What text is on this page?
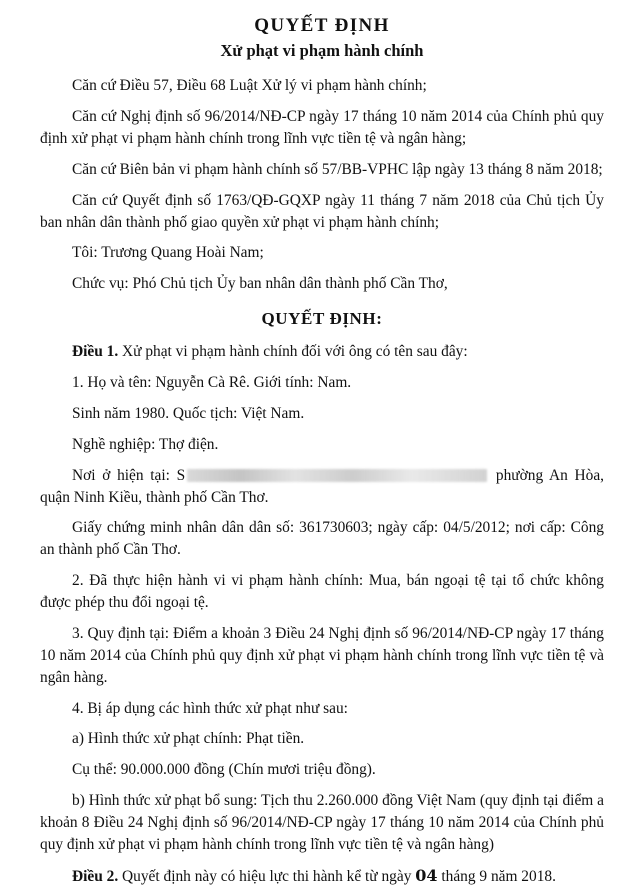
QUYẾT ĐỊNH
Xử phạt vi phạm hành chính

Căn cứ Điều 57, Điều 68 Luật Xử lý vi phạm hành chính;

Căn cứ Nghị định số 96/2014/NĐ-CP ngày 17 tháng 10 năm 2014 của Chính phủ quy định xử phạt vi phạm hành chính trong lĩnh vực tiền tệ và ngân hàng;

Căn cứ Biên bản vi phạm hành chính số 57/BB-VPHC lập ngày 13 tháng 8 năm 2018;

Căn cứ Quyết định số 1763/QĐ-GQXP ngày 11 tháng 7 năm 2018 của Chủ tịch Ủy ban nhân dân thành phố giao quyền xử phạt vi phạm hành chính;

Tôi: Trương Quang Hoài Nam;

Chức vụ: Phó Chủ tịch Ủy ban nhân dân thành phố Cần Thơ,

QUYẾT ĐỊNH:

Điều 1. Xử phạt vi phạm hành chính đối với ông có tên sau đây:

1. Họ và tên: Nguyễn Cà Rê. Giới tính: Nam.

Sinh năm 1980. Quốc tịch: Việt Nam.

Nghề nghiệp: Thợ điện.

Nơi ở hiện tại: S	phường An Hòa, quận Ninh Kiều, thành phố Cần Thơ.

Giấy chứng minh nhân dân dân số: 361730603; ngày cấp: 04/5/2012; nơi cấp: Công an thành phố Cần Thơ.

2. Đã thực hiện hành vi vi phạm hành chính: Mua, bán ngoại tệ tại tổ chức không được phép thu đổi ngoại tệ.

3. Quy định tại: Điểm a khoản 3 Điều 24 Nghị định số 96/2014/NĐ-CP ngày 17 tháng 10 năm 2014 của Chính phủ quy định xử phạt vi phạm hành chính trong lĩnh vực tiền tệ và ngân hàng.

4. Bị áp dụng các hình thức xử phạt như sau:

a) Hình thức xử phạt chính: Phạt tiền.

Cụ thể: 90.000.000 đồng (Chín mươi triệu đồng).

b) Hình thức xử phạt bổ sung: Tịch thu 2.260.000 đồng Việt Nam (quy định tại điểm a khoản 8 Điều 24 Nghị định số 96/2014/NĐ-CP ngày 17 tháng 10 năm 2014 của Chính phủ quy định xử phạt vi phạm hành chính trong lĩnh vực tiền tệ và ngân hàng)

Điều 2. Quyết định này có hiệu lực thi hành kể từ ngày 04 tháng 9 năm 2018.
